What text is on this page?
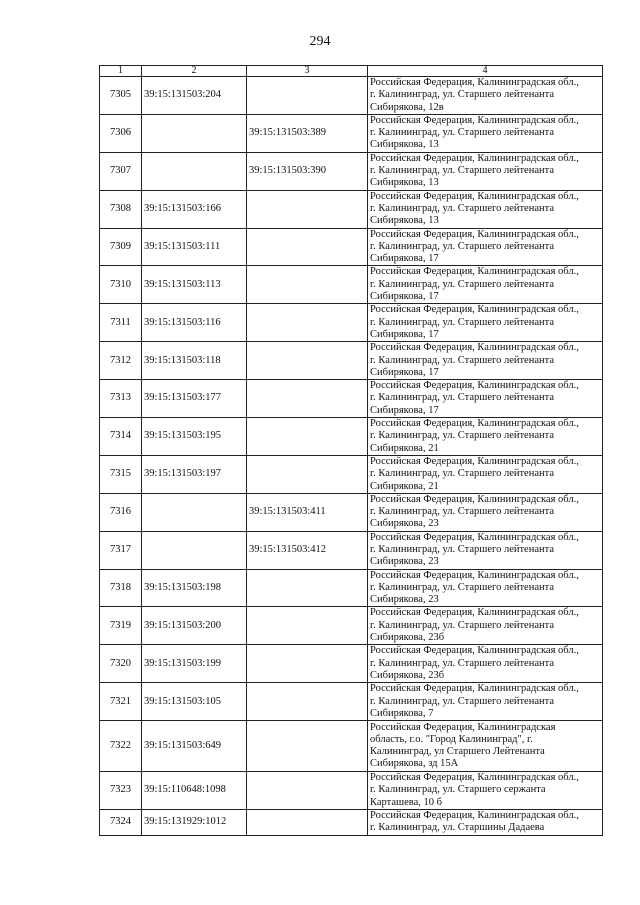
294
1	2	3	4
7305	39:15:131503:204		Российская Федерация, Калининградская обл.,
г. Калининград, ул. Старшего лейтенанта
Сибирякова, 12в

7306		39:15:131503:389	Российская Федерация, Калининградская обл.,
г. Калининград, ул. Старшего лейтенанта
Сибирякова, 13

7307		39:15:131503:390	Российская Федерация, Калининградская обл.,
г. Калининград, ул. Старшего лейтенанта
Сибирякова, 13

7308	39:15:131503:166		Российская Федерация, Калининградская обл.,
г. Калининград, ул. Старшего лейтенанта
Сибирякова, 13

7309	39:15:131503:111		Российская Федерация, Калининградская обл.,
г. Калининград, ул. Старшего лейтенанта
Сибирякова, 17

7310	39:15:131503:113		Российская Федерация, Калининградская обл.,
г. Калининград, ул. Старшего лейтенанта
Сибирякова, 17

7311	39:15:131503:116		Российская Федерация, Калининградская обл.,
г. Калининград, ул. Старшего лейтенанта
Сибирякова, 17

7312	39:15:131503:118		Российская Федерация, Калининградская обл.,
г. Калининград, ул. Старшего лейтенанта
Сибирякова, 17

7313	39:15:131503:177		Российская Федерация, Калининградская обл.,
г. Калининград, ул. Старшего лейтенанта
Сибирякова, 17

7314	39:15:131503:195		Российская Федерация, Калининградская обл.,
г. Калининград, ул. Старшего лейтенанта
Сибирякова, 21

7315	39:15:131503:197		Российская Федерация, Калининградская обл.,
г. Калининград, ул. Старшего лейтенанта
Сибирякова, 21

7316		39:15:131503:411	Российская Федерация, Калининградская обл.,
г. Калининград, ул. Старшего лейтенанта
Сибирякова, 23

7317		39:15:131503:412	Российская Федерация, Калининградская обл.,
г. Калининград, ул. Старшего лейтенанта
Сибирякова, 23

7318	39:15:131503:198		Российская Федерация, Калининградская обл.,
г. Калининград, ул. Старшего лейтенанта
Сибирякова, 23

7319	39:15:131503:200		Российская Федерация, Калининградская обл.,
г. Калининград, ул. Старшего лейтенанта
Сибирякова, 23б

7320	39:15:131503:199		Российская Федерация, Калининградская обл.,
г. Калининград, ул. Старшего лейтенанта
Сибирякова, 23б

7321	39:15:131503:105		Российская Федерация, Калининградская обл.,
г. Калининград, ул. Старшего лейтенанта
Сибирякова, 7

7322	39:15:131503:649		Российская Федерация, Калининградская
область, г.о. "Город Калининград", г.
Калининград, ул Старшего Лейтенанта
Сибирякова, зд 15А

7323	39:15:110648:1098		Российская Федерация, Калининградская обл.,
г. Калининград, ул. Старшего сержанта
Карташева, 10 б

7324	39:15:131929:1012		Российская Федерация, Калининградская обл.,
г. Калининград, ул. Старшины Дадаева
